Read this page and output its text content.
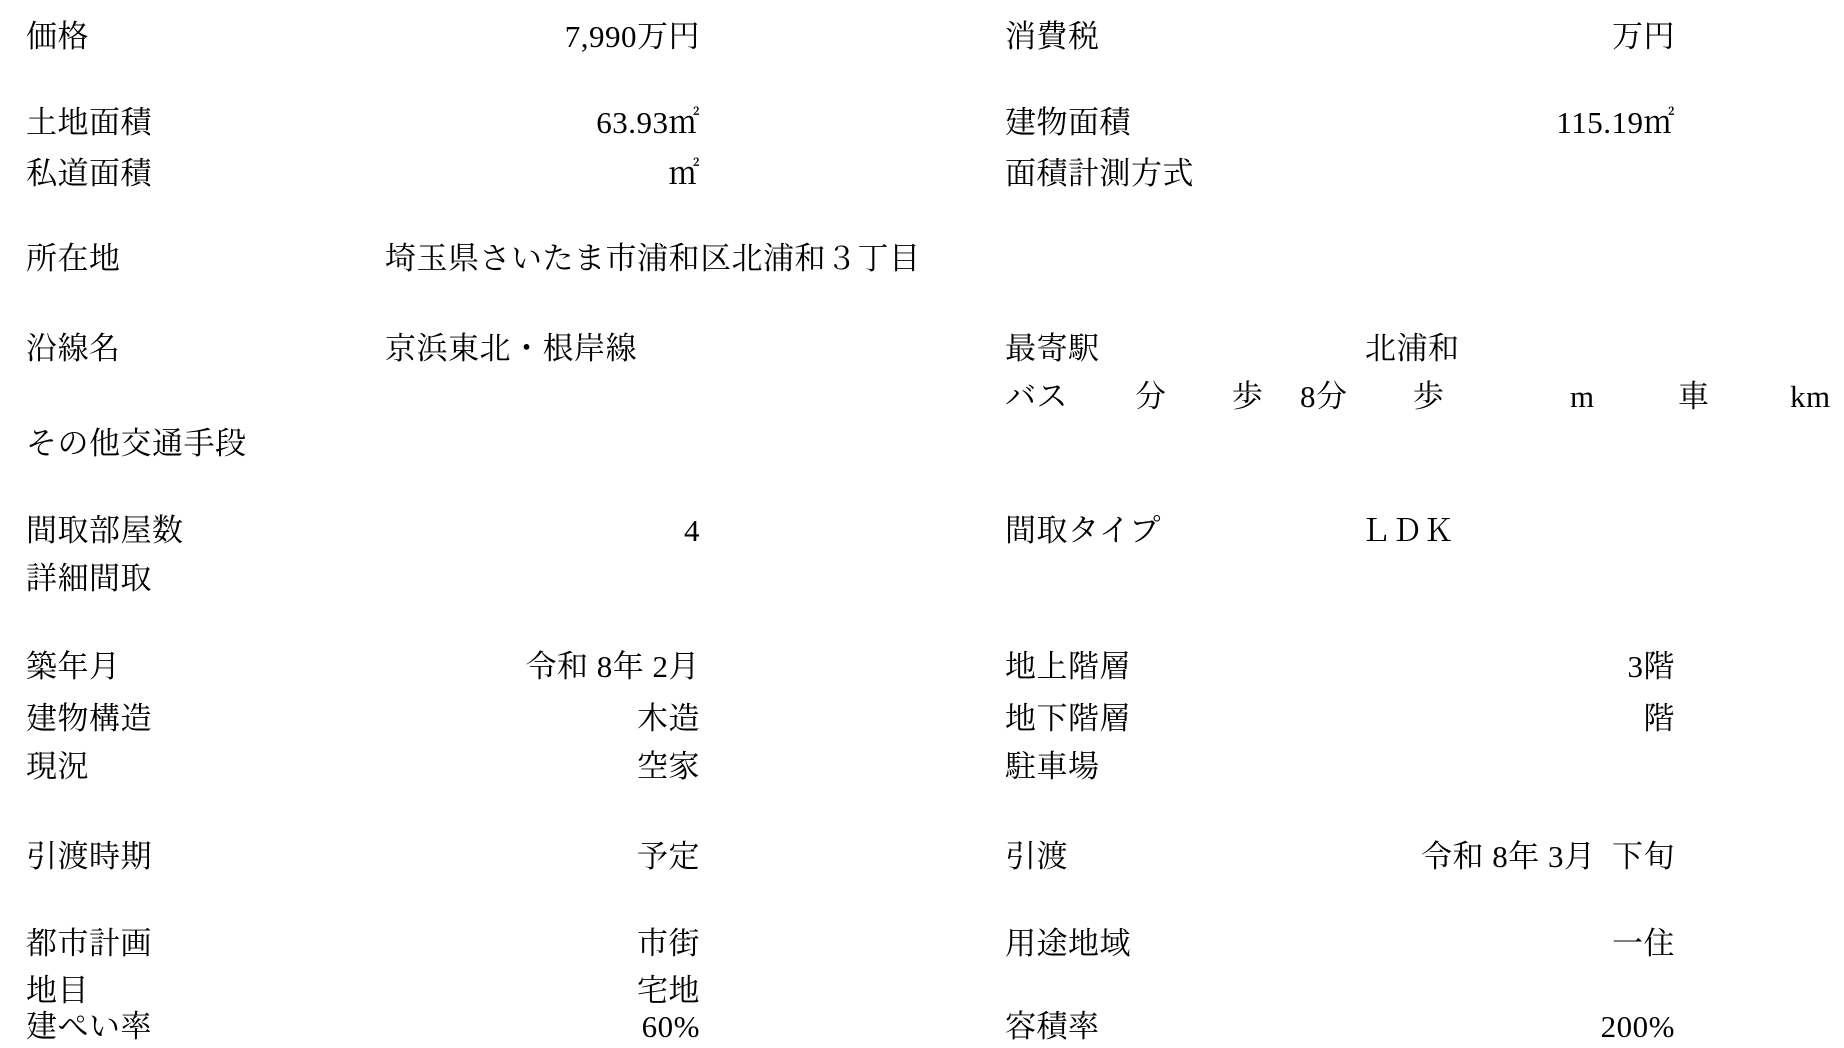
価格	7,990万円	消費税	万円
土地面積	63.93㎡	建物面積	115.19㎡
私道面積	㎡	面積計測方式
所在地	埼玉県さいたま市浦和区北浦和３丁目
沿線名	京浜東北・根岸線	最寄駅	北浦和
バス 分 歩 8分 歩	m	車	km
その他交通手段
間取部屋数	4	間取タイプ	ＬＤＫ
詳細間取
築年月	令和 8年 2月	地上階層	3階
建物構造	木造	地下階層	階
現況	空家	駐車場
引渡時期	予定	引渡	令和 8年 3月  下旬
都市計画	市街	用途地域	一住
地目	宅地
建ぺい率	60%	容積率	200%
